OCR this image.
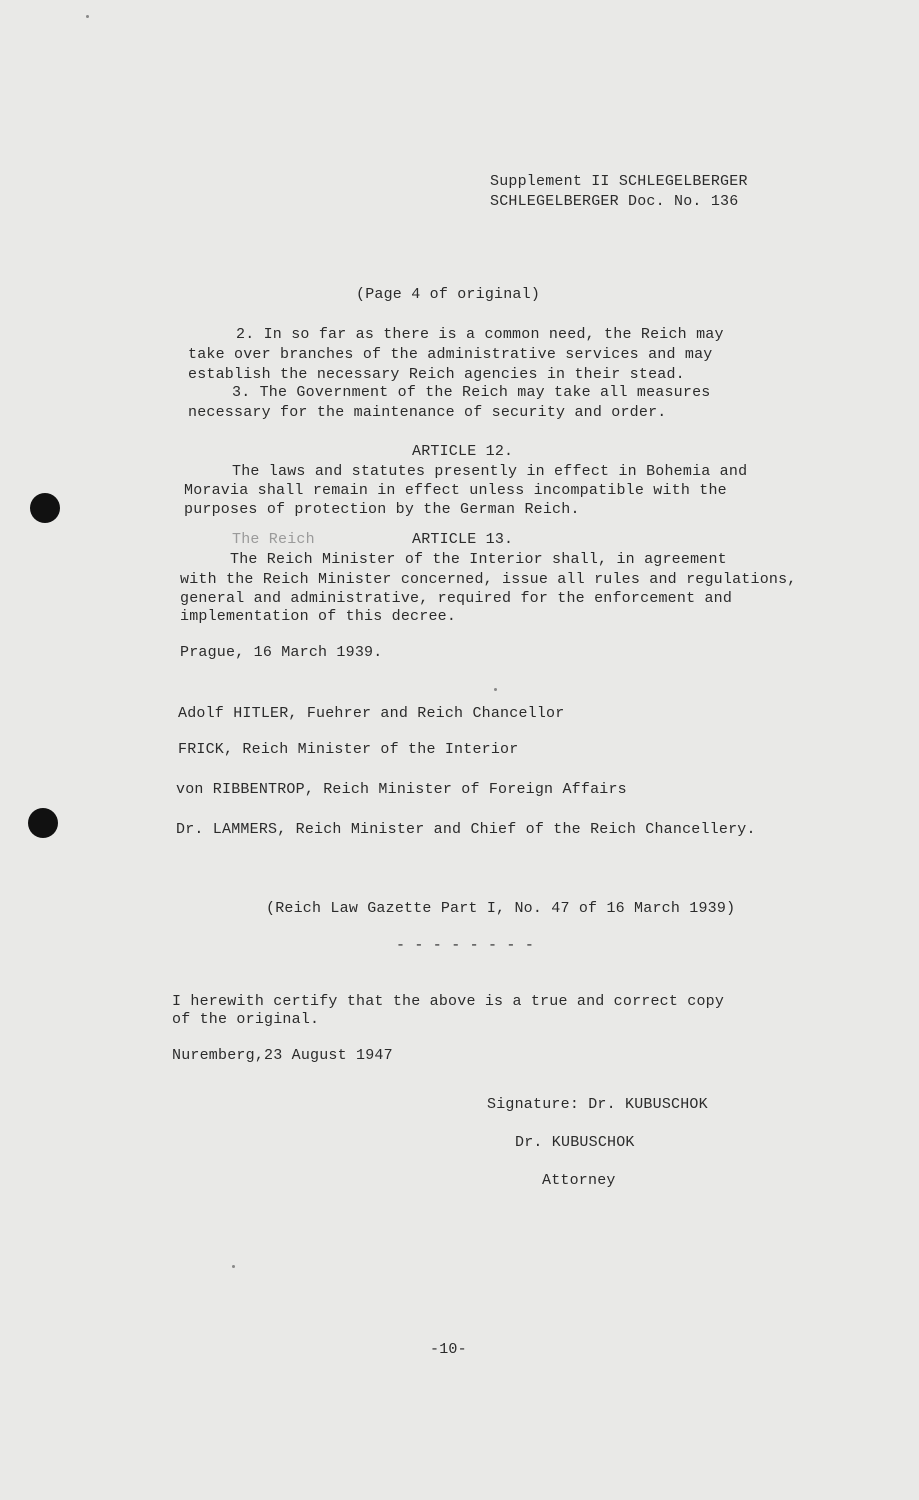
Supplement II SCHLEGELBERGER
SCHLEGELBERGER Doc. No. 136
(Page 4 of original)
2. In so far as there is a common need, the Reich may
take over branches of the administrative services and may
establish the necessary Reich agencies in their stead.
3. The Government of the Reich may take all measures
necessary for the maintenance of security and order.
ARTICLE 12.
The laws and statutes presently in effect in Bohemia and
Moravia shall remain in effect unless incompatible with the
purposes of protection by the German Reich.
The Reich	ARTICLE 13.
The Reich Minister of the Interior shall, in agreement
with the Reich Minister concerned, issue all rules and regulations,
general and administrative, required for the enforcement and
implementation of this decree.
Prague, 16 March 1939.
Adolf HITLER, Fuehrer and Reich Chancellor
FRICK, Reich Minister of the Interior
von RIBBENTROP, Reich Minister of Foreign Affairs
Dr. LAMMERS, Reich Minister and Chief of the Reich Chancellery.
(Reich Law Gazette Part I, No. 47 of 16 March 1939)
- - - - - - - -
I herewith certify that the above is a true and correct copy
of the original.
Nuremberg,23 August 1947
Signature: Dr. KUBUSCHOK
Dr. KUBUSCHOK
Attorney
-10-
